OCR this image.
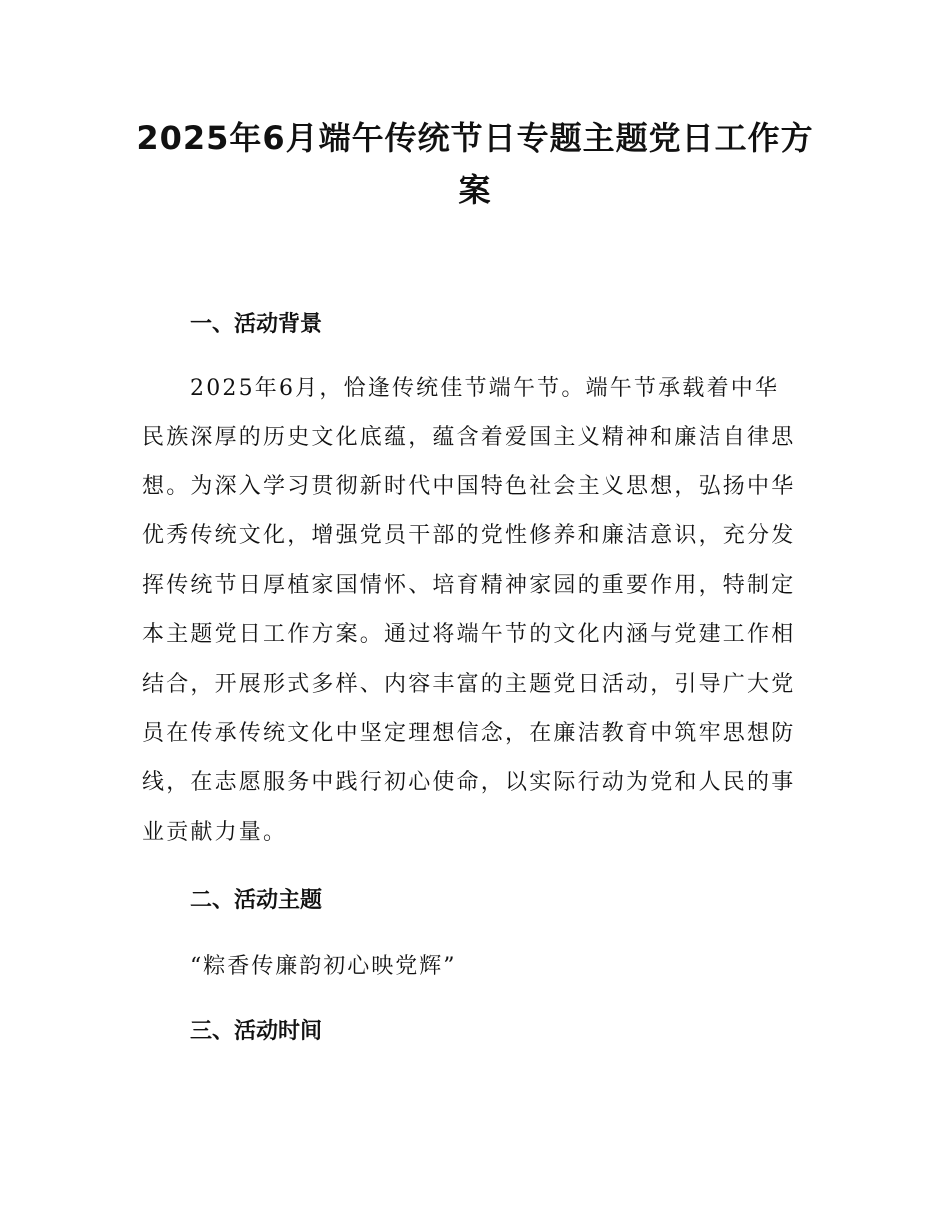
2025年6月端午传统节日专题主题党日工作方案
一、活动背景

2025年6月，恰逢传统佳节端午节。端午节承载着中华

民族深厚的历史文化底蕴，蕴含着爱国主义精神和廉洁自律思

想。为深入学习贯彻新时代中国特色社会主义思想，弘扬中华

优秀传统文化，增强党员干部的党性修养和廉洁意识，充分发

挥传统节日厚植家国情怀、培育精神家园的重要作用，特制定

本主题党日工作方案。通过将端午节的文化内涵与党建工作相

结合，开展形式多样、内容丰富的主题党日活动，引导广大党

员在传承传统文化中坚定理想信念，在廉洁教育中筑牢思想防

线，在志愿服务中践行初心使命，以实际行动为党和人民的事

业贡献力量。

二、活动主题

“粽香传廉韵初心映党辉”

三、活动时间
